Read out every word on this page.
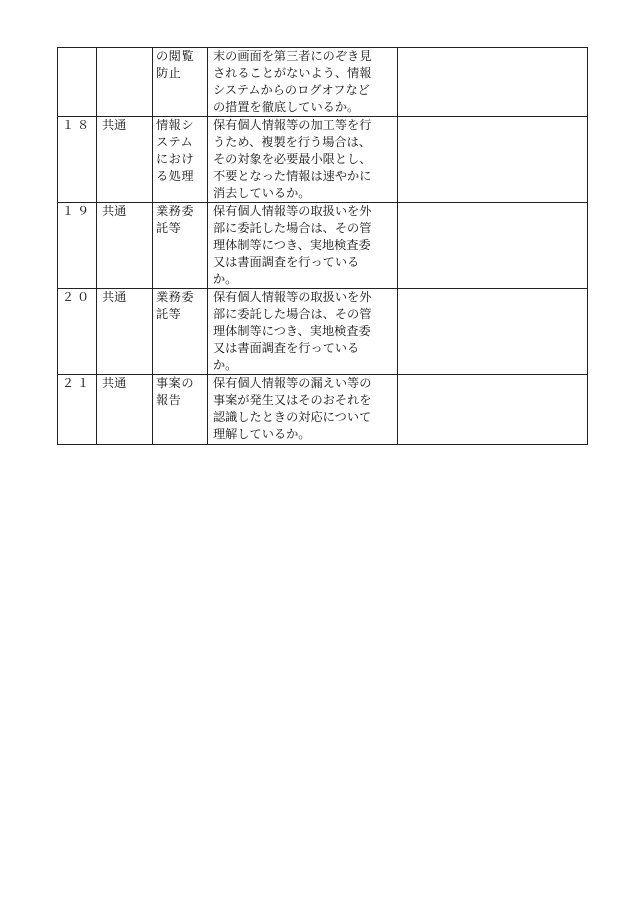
		の閲覧
防止	末の画面を第三者にのぞき見
されることがないよう、情報
システムからのログオフなど
の措置を徹底しているか。	
１８	共通	情報シ
ステム
におけ
る処理	保有個人情報等の加工等を行
うため、複製を行う場合は、
その対象を必要最小限とし、
不要となった情報は速やかに
消去しているか。	
１９	共通	業務委
託等	保有個人情報等の取扱いを外
部に委託した場合は、その管
理体制等につき、実地検査委
又は書面調査を行っている
か。	
２０	共通	業務委
託等	保有個人情報等の取扱いを外
部に委託した場合は、その管
理体制等につき、実地検査委
又は書面調査を行っている
か。	
２１	共通	事案の
報告	保有個人情報等の漏えい等の
事案が発生又はそのおそれを
認識したときの対応について
理解しているか。	
